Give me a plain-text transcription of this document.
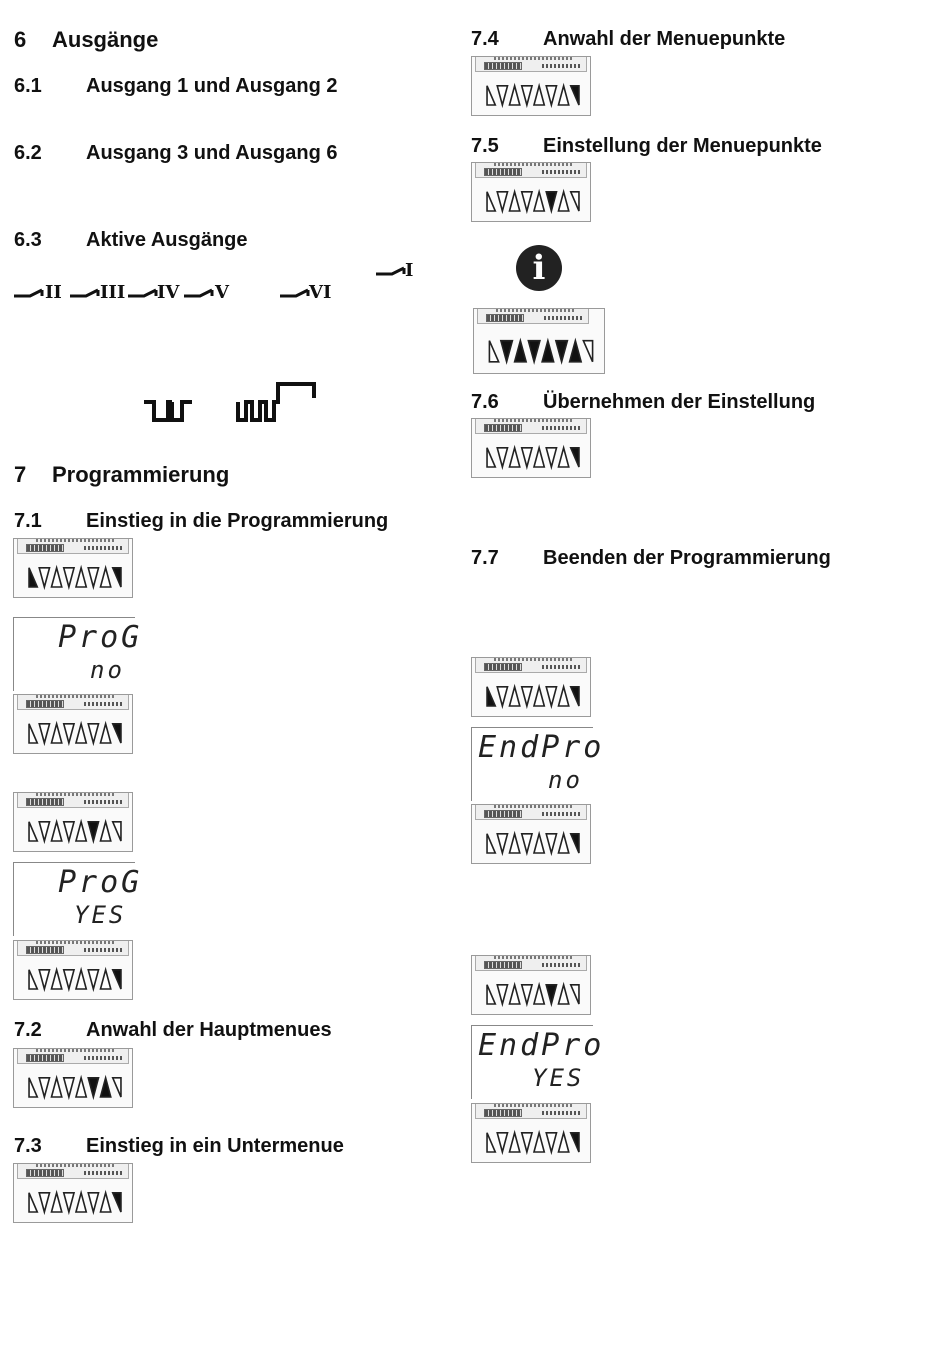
6 Ausgänge
6.1 Ausgang 1 und Ausgang 2
6.2 Ausgang 3 und Ausgang 6
6.3 Aktive Ausgänge
II III IV V	VI
I
7 Programmierung
7.1 Einstieg in die Programmierung
ProG
no
ProG
YES
7.2 Anwahl der Hauptmenues
7.3 Einstieg in ein Untermenue
7.4 Anwahl der Menuepunkte
7.5 Einstellung der Menuepunkte
i
7.6 Übernehmen der Einstellung
7.7 Beenden der Programmierung
EndPro
no
EndPro
YES
